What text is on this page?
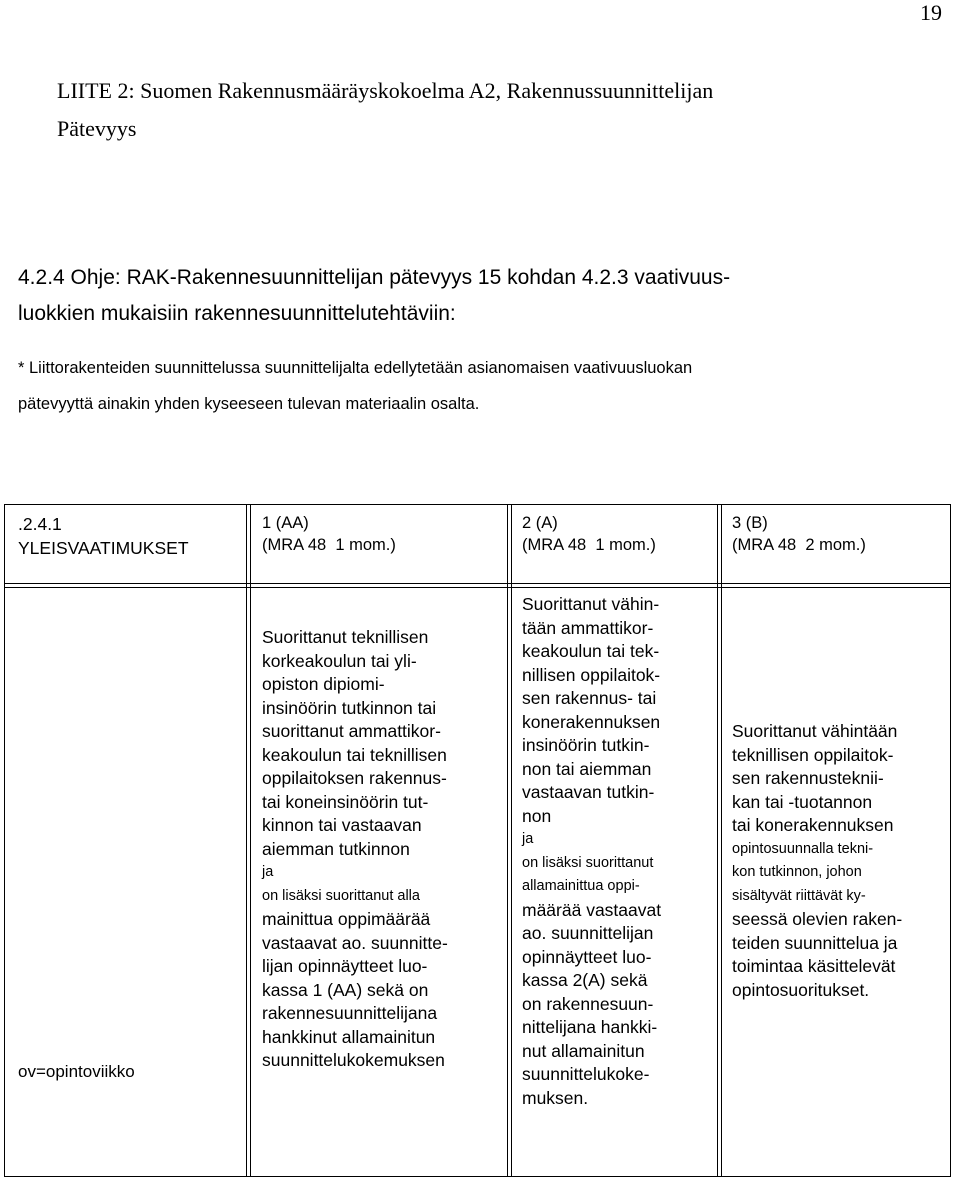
19
LIITE 2: Suomen Rakennusmääräyskokoelma A2, Rakennussuunnittelijan
Pätevyys
4.2.4 Ohje: RAK-Rakennesuunnittelijan pätevyys 15 kohdan 4.2.3 vaativuus-
luokkien mukaisiin rakennesuunnittelutehtäviin:
* Liittorakenteiden suunnittelussa suunnittelijalta edellytetään asianomaisen vaativuusluokan
pätevyyttä ainakin yhden kyseeseen tulevan materiaalin osalta.
.2.4.1
YLEISVAATIMUKSET
1 (AA)
(MRA 48  1 mom.)
2 (A)
(MRA 48  1 mom.)
3 (B)
(MRA 48  2 mom.)
ov=opintoviikko
Suorittanut teknillisen
korkeakoulun tai yli-
opiston dipiomi-
insinöörin tutkinnon tai
suorittanut ammattikor-
keakoulun tai teknillisen
oppilaitoksen rakennus-
tai koneinsinöörin tut-
kinnon tai vastaavan
aiemman tutkinnon
ja
on lisäksi suorittanut alla
mainittua oppimäärää
vastaavat ao. suunnitte-
lijan opinnäytteet luo-
kassa 1 (AA) sekä on
rakennesuunnittelijana
hankkinut allamainitun
suunnittelukokemuksen
Suorittanut vähin-
tään ammattikor-
keakoulun tai tek-
nillisen oppilaitok-
sen rakennus- tai
konerakennuksen
insinöörin tutkin-
non tai aiemman
vastaavan tutkin-
non
ja
on lisäksi suorittanut
allamainittua oppi-
määrää vastaavat
ao. suunnittelijan
opinnäytteet luo-
kassa 2(A) sekä
on rakennesuun-
nittelijana hankki-
nut allamainitun
suunnittelukoke-
muksen.
Suorittanut vähintään
teknillisen oppilaitok-
sen rakennusteknii-
kan tai -tuotannon
tai konerakennuksen
opintosuunnalla tekni-
kon tutkinnon, johon
sisältyvät riittävät ky-
seessä olevien raken-
teiden suunnittelua ja
toimintaa käsittelevät
opintosuoritukset.
